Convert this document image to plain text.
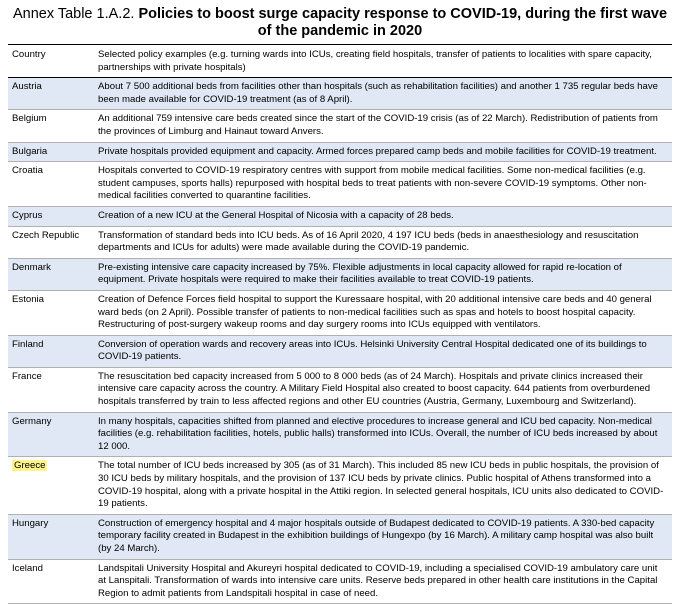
Annex Table 1.A.2. Policies to boost surge capacity response to COVID-19, during the first wave of the pandemic in 2020
Country	Selected policy examples (e.g. turning wards into ICUs, creating field hospitals, transfer of patients to localities with spare capacity, partnerships with private hospitals)
Austria	About 7 500 additional beds from facilities other than hospitals (such as rehabilitation facilities) and another 1 735 regular beds have been made available for COVID-19 treatment (as of 8 April).
Belgium	An additional 759 intensive care beds created since the start of the COVID-19 crisis (as of 22 March). Redistribution of patients from the provinces of Limburg and Hainaut toward Anvers.
Bulgaria	Private hospitals provided equipment and capacity. Armed forces prepared camp beds and mobile facilities for COVID-19 treatment.
Croatia	Hospitals converted to COVID-19 respiratory centres with support from mobile medical facilities. Some non-medical facilities (e.g. student campuses, sports halls) repurposed with hospital beds to treat patients with non-severe COVID-19 symptoms. Other non-medical facilities converted to quarantine facilities.
Cyprus	Creation of a new ICU at the General Hospital of Nicosia with a capacity of 28 beds.
Czech Republic	Transformation of standard beds into ICU beds. As of 16 April 2020, 4 197 ICU beds (beds in anaesthesiology and resuscitation departments and ICUs for adults) were made available during the COVID-19 pandemic.
Denmark	Pre-existing intensive care capacity increased by 75%. Flexible adjustments in local capacity allowed for rapid re-location of equipment. Private hospitals were required to make their facilities available to treat COVID-19 patients.
Estonia	Creation of Defence Forces field hospital to support the Kuressaare hospital, with 20 additional intensive care beds and 40 general ward beds (on 2 April). Possible transfer of patients to non-medical facilities such as spas and hotels to boost hospital capacity. Restructuring of post-surgery wakeup rooms and day surgery rooms into ICUs equipped with ventilators.
Finland	Conversion of operation wards and recovery areas into ICUs. Helsinki University Central Hospital dedicated one of its buildings to COVID-19 patients.
France	The resuscitation bed capacity increased from 5 000 to 8 000 beds (as of 24 March). Hospitals and private clinics increased their intensive care capacity across the country. A Military Field Hospital also created to boost capacity. 644 patients from overburdened hospitals transferred by train to less affected regions and other EU countries (Austria, Germany, Luxembourg and Switzerland).
Germany	In many hospitals, capacities shifted from planned and elective procedures to increase general and ICU bed capacity. Non-medical facilities (e.g. rehabilitation facilities, hotels, public halls) transformed into ICUs. Overall, the number of ICU beds increased by about 12 000.
Greece	The total number of ICU beds increased by 305 (as of 31 March). This included 85 new ICU beds in public hospitals, the provision of 30 ICU beds by military hospitals, and the provision of 137 ICU beds by private clinics. Public hospital of Athens transformed into a COVID-19 hospital, along with a private hospital in the Attiki region. In selected general hospitals, ICU units also dedicated to COVID-19 patients.
Hungary	Construction of emergency hospital and 4 major hospitals outside of Budapest dedicated to COVID-19 patients. A 330-bed capacity temporary facility created in Budapest in the exhibition buildings of Hungexpo (by 16 March). A military camp hospital was also built (by 24 March).
Iceland	Landspitali University Hospital and Akureyri hospital dedicated to COVID-19, including a specialised COVID-19 ambulatory care unit at Lanspitali. Transformation of wards into intensive care units. Reserve beds prepared in other health care institutions in the Capital Region to admit patients from Landspitali hospital in case of need.
